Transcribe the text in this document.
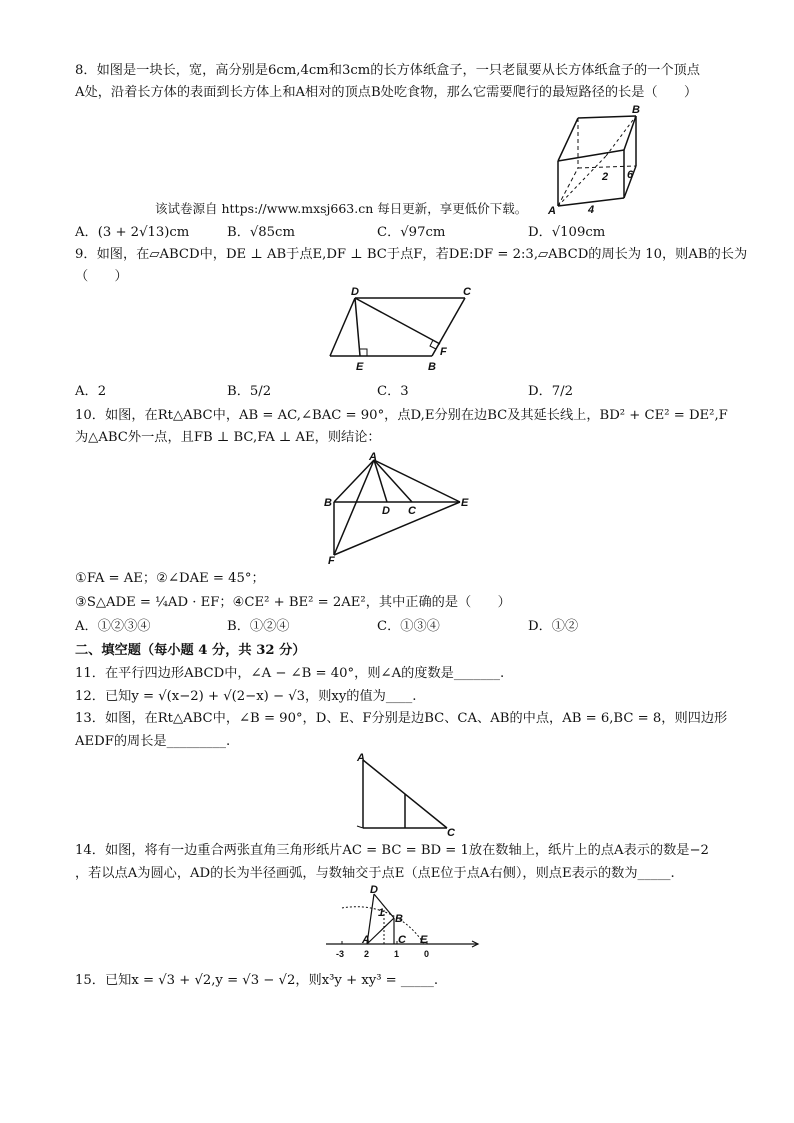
8．如图是一块长，宽，高分别是6cm,4cm和3cm的长方体纸盒子，一只老鼠要从长方体纸盒子的一个顶点
A处，沿着长方体的表面到长方体上和A相对的顶点B处吃食物，那么它需要爬行的最短路径的长是（　　）
A
B
4
6
2
该试卷源自 https://www.mxsj663.cn 每日更新，享更低价下载。
A．(3 + 2√13)cm	B．√85cm	C．√97cm	D．√109cm
9．如图，在▱ABCD中，DE ⊥ AB于点E,DF ⊥ BC于点F，若DE:DF = 2:3,▱ABCD的周长为 10，则AB的长为
（　　）
D	C
E	B
F
A．2	B．5/2	C．3	D．7/2
10．如图，在Rt△ABC中，AB = AC,∠BAC = 90°，点D,E分别在边BC及其延长线上，BD² + CE² = DE²,F
为△ABC外一点，且FB ⊥ BC,FA ⊥ AE，则结论：
A
B
D C
E
F
①FA = AE；②∠DAE = 45°；
③S△ADE = ¼AD · EF；④CE² + BE² = 2AE²，其中正确的是（　　）
A．①②③④	B．①②④	C．①③④	D．①②
二、填空题（每小题 4 分，共 32 分）
11．在平行四边形ABCD中，∠A − ∠B = 40°，则∠A的度数是_______.
12．已知y = √(x−2) + √(2−x) − √3，则xy的值为____.
13．如图，在Rt△ABC中，∠B = 90°，D、E、F分别是边BC、CA、AB的中点，AB = 6,BC = 8，则四边形
AEDF的周长是_________.
A
C
14．如图，将有一边重合两张直角三角形纸片AC = BC = BD = 1放在数轴上，纸片上的点A表示的数是−2
，若以点A为圆心，AD的长为半径画弧，与数轴交于点E（点E位于点A右侧），则点E表示的数为_____.
D
B
A	C E
1
-3 2	1	0
15．已知x = √3 + √2,y = √3 − √2，则x³y + xy³ = _____.
